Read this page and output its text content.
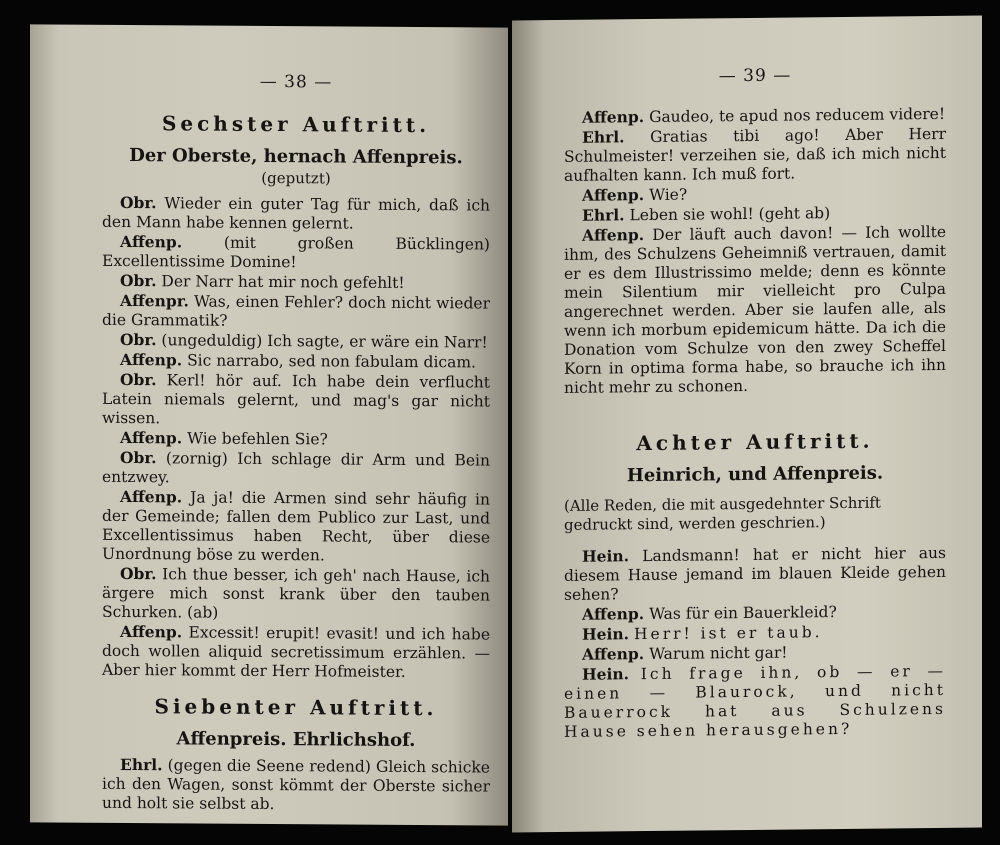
— 38 —
Sechster Auftritt.
Der Oberste, hernach Affenpreis. (geputzt)

Obr. Wieder ein guter Tag für mich, daß ich den Mann habe kennen gelernt.

Affenp.	(mit großen Bücklingen) Excellentissime Domine!

Obr. Der Narr hat mir noch gefehlt!

Affenpr. Was, einen Fehler? doch nicht wieder die Grammatik?

Obr. (ungeduldig) Ich sagte, er wäre ein Narr!

Affenp. Sic narrabo, sed non fabulam dicam.

Obr. Kerl! hör auf. Ich habe dein verflucht Latein niemals gelernt, und mag's gar nicht wissen.

Affenp. Wie befehlen Sie?

Obr. (zornig) Ich schlage dir Arm und Bein entzwey.

Affenp. Ja ja! die Armen sind sehr häufig in der Gemeinde; fallen dem Publico zur Last, und Excellentissimus haben Recht, über diese Unordnung böse zu werden.

Obr. Ich thue besser, ich geh' nach Hause, ich ärgere mich sonst krank über den tauben Schurken. (ab)

Affenp. Excessit! erupit! evasit! und ich habe doch wollen aliquid secretissimum erzählen. — Aber hier kommt der Herr Hofmeister.

Siebenter Auftritt.
Affenpreis. Ehrlichshof.

Ehrl. (gegen die Seene redend) Gleich schicke ich den Wagen, sonst kömmt der Oberste sicher und holt sie selbst ab.

— 39 —

Affenp. Gaudeo, te apud nos reducem videre!

Ehrl. Gratias tibi ago! Aber Herr Schulmeister! verzeihen sie, daß ich mich nicht aufhalten kann. Ich muß fort.

Affenp. Wie?

Ehrl. Leben sie wohl! (geht ab)

Affenp. Der läuft auch davon! — Ich wollte ihm, des Schulzens Geheimniß vertrauen, damit er es dem Illustrissimo melde; denn es könnte mein Silentium mir vielleicht pro Culpa angerechnet werden. Aber sie laufen alle, als wenn ich morbum epidemicum hätte. Da ich die Donation vom Schulze von den zwey Scheffel Korn in optima forma habe, so brauche ich ihn nicht mehr zu schonen.

Achter Auftritt.
Heinrich, und Affenpreis.
(Alle Reden, die mit ausgedehnter Schrift gedruckt sind, werden geschrien.)

Hein. Landsmann! hat er nicht hier aus diesem Hause jemand im blauen Kleide gehen sehen?

Affenp. Was für ein Bauerkleid?

Hein. Herr! ist er taub.

Affenp. Warum nicht gar!

Hein. Ich frage ihn, ob — er — einen — Blaurock, und nicht Bauerrock hat aus Schulzens Hause sehen herausgehen?
